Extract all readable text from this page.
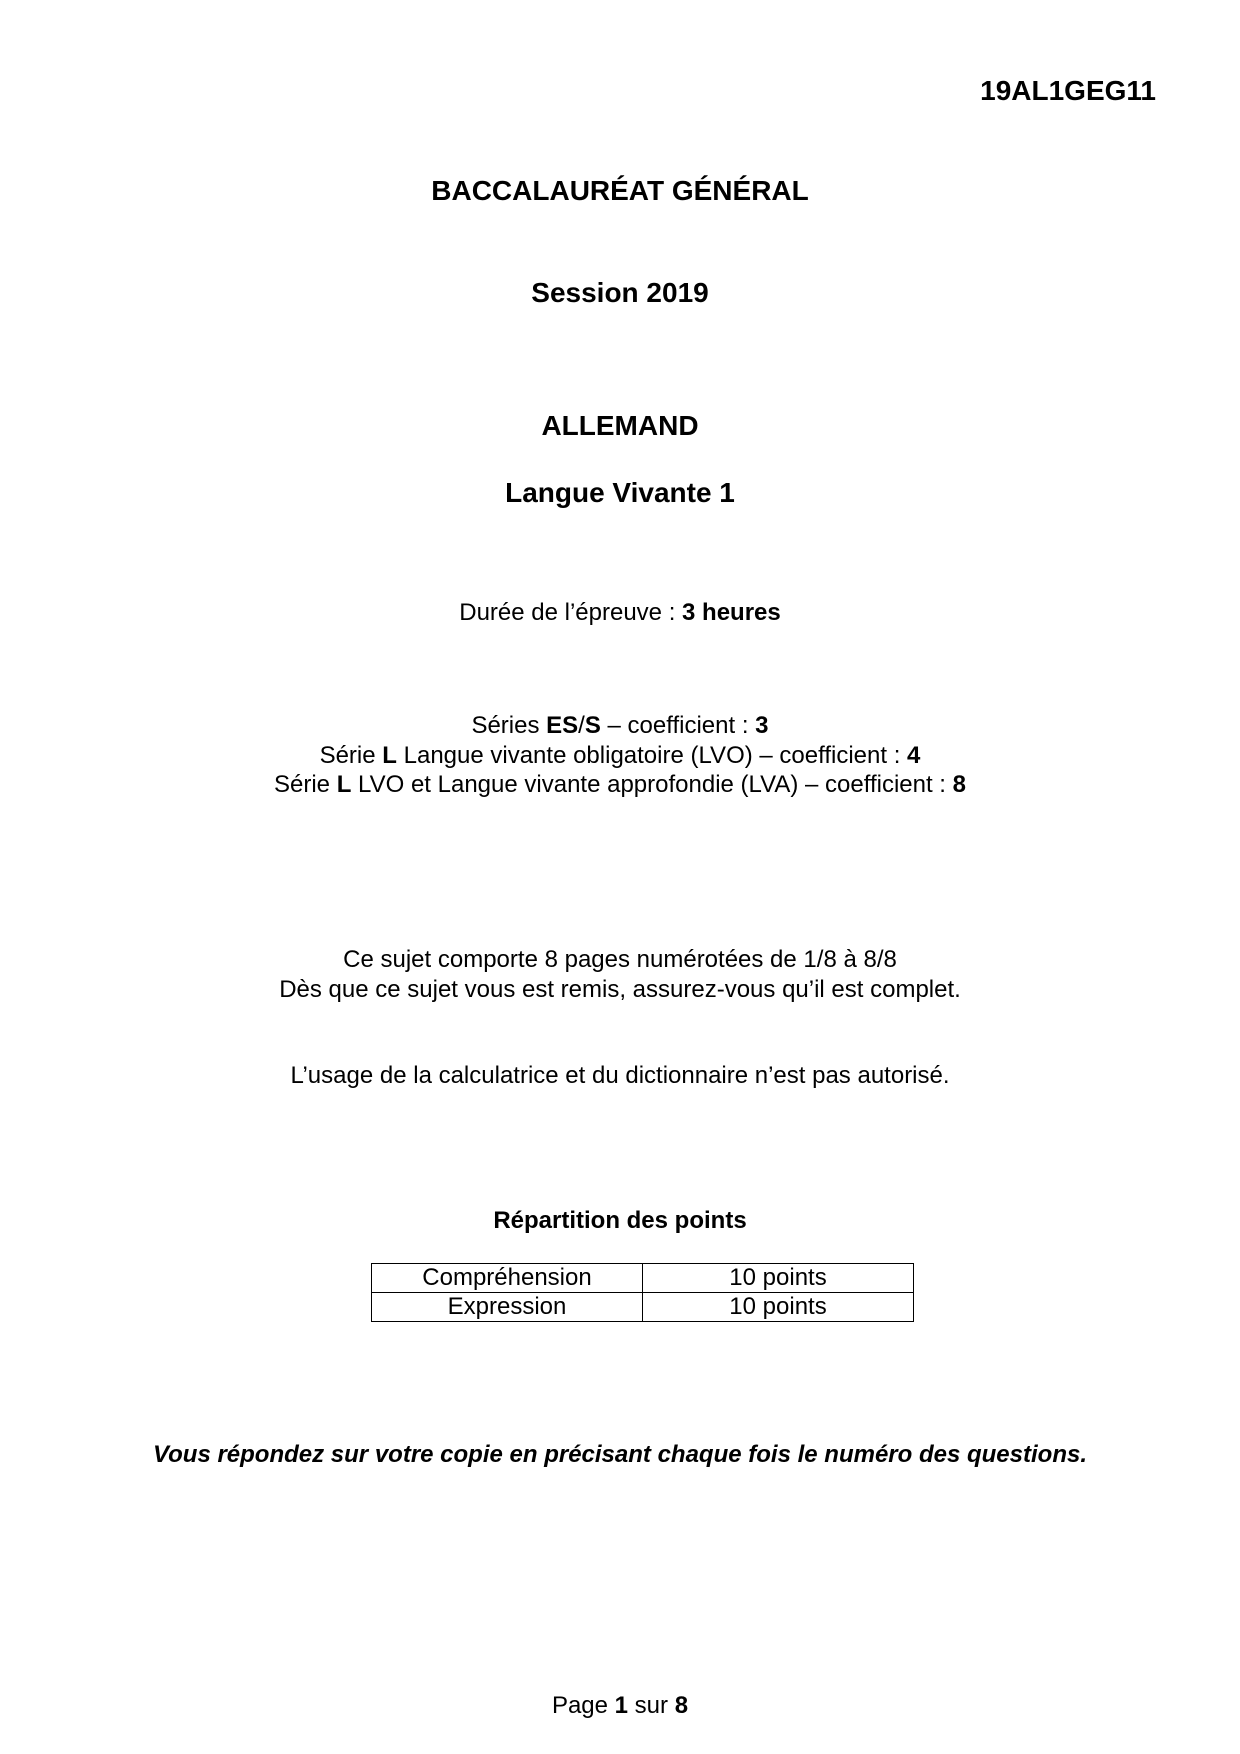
19AL1GEG11
BACCALAURÉAT GÉNÉRAL
Session 2019
ALLEMAND
Langue Vivante 1
Durée de l’épreuve : 3 heures
Séries ES/S – coefficient : 3
Série L Langue vivante obligatoire (LVO) – coefficient : 4
Série L LVO et Langue vivante approfondie (LVA) – coefficient : 8
Ce sujet comporte 8 pages numérotées de 1/8 à 8/8
Dès que ce sujet vous est remis, assurez-vous qu’il est complet.
L’usage de la calculatrice et du dictionnaire n’est pas autorisé.
Répartition des points
Compréhension	10 points
Expression	10 points
Vous répondez sur votre copie en précisant chaque fois le numéro des questions.
Page 1 sur 8
